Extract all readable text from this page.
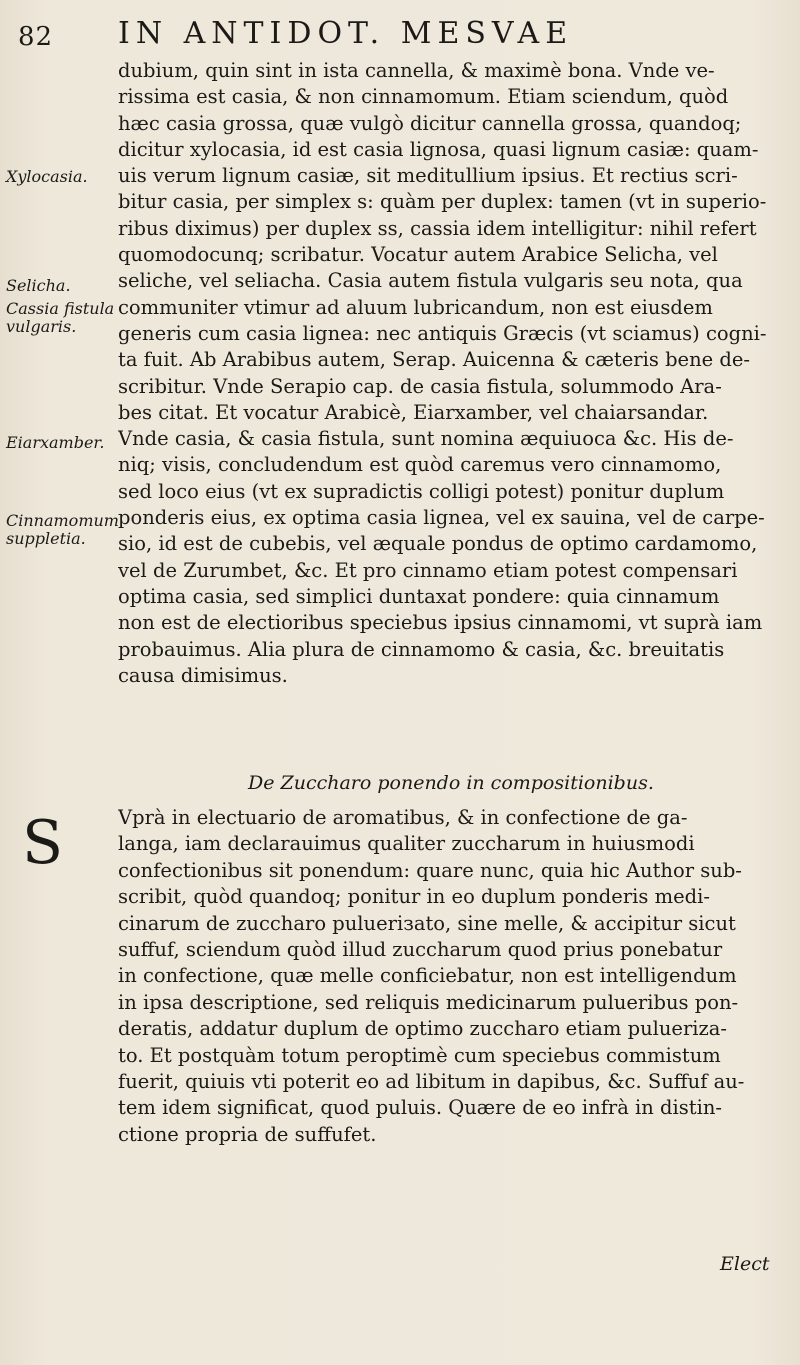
82 IN ANTIDOT. MESVAE
dubium, quin sint in ista cannella, & maximè bona. Vnde ve-
rissima est casia, & non cinnamomum. Etiam sciendum, quòd
hæc casia grossa, quæ vulgò dicitur cannella grossa, quandoq;
dicitur xylocasia, id est casia lignosa, quasi lignum casiæ: quam-
uis verum lignum casiæ, sit meditullium ipsius. Et rectius scri-
bitur casia, per simplex s: quàm per duplex: tamen (vt in superio-
ribus diximus) per duplex ss, cassia idem intelligitur: nihil refert
quomodocunq; scribatur. Vocatur autem Arabice Selicha, vel
seliche, vel seliacha. Casia autem fistula vulgaris seu nota, qua
communiter vtimur ad aluum lubricandum, non est eiusdem
generis cum casia lignea: nec antiquis Græcis (vt sciamus) cogni-
ta fuit. Ab Arabibus autem, Serap. Auicenna & cæteris bene de-
scribitur. Vnde Serapio cap. de casia fistula, solummodo Ara-
bes citat. Et vocatur Arabicè, Eiarxamber, vel chaiarsandar.
Vnde casia, & casia fistula, sunt nomina æquiuoca &c. His de-
niq; visis, concludendum est quòd caremus vero cinnamomo,
sed loco eius (vt ex supradictis colligi potest) ponitur duplum
ponderis eius, ex optima casia lignea, vel ex sauina, vel de carpe-
sio, id est de cubebis, vel æquale pondus de optimo cardamomo,
vel de Zurumbet, &c. Et pro cinnamo etiam potest compensari
optima casia, sed simplici duntaxat pondere: quia cinnamum
non est de electioribus speciebus ipsius cinnamomi, vt suprà iam
probauimus. Alia plura de cinnamomo & casia, &c. breuitatis
causa dimisimus.
Xylocasia.
Selicha.
Cassia fistula vulgaris.
Eiarxamber.
Cinnamomum suppletia.
De Zuccharo ponendo in compositionibus.
S	Vprà in electuario de aromatibus, & in confectione de ga-
langa, iam declarauimus qualiter zuccharum in huiusmodi
confectionibus sit ponendum: quare nunc, quia hic Author sub-
scribit, quòd quandoq; ponitur in eo duplum ponderis medi-
cinarum de zuccharo pulueriзato, sine melle, & accipitur sicut
suffuf, sciendum quòd illud zuccharum quod prius ponebatur
in confectione, quæ melle conficiebatur, non est intelligendum
in ipsa descriptione, sed reliquis medicinarum pulueribus pon-
deratis, addatur duplum de optimo zuccharo etiam pulueriza-
to. Et postquàm totum peroptimè cum speciebus commistum
fuerit, quiuis vti poterit eo ad libitum in dapibus, &c. Suffuf au-
tem idem significat, quod puluis. Quære de eo infrà in distin-
ctione propria de suffufet.
Elect
